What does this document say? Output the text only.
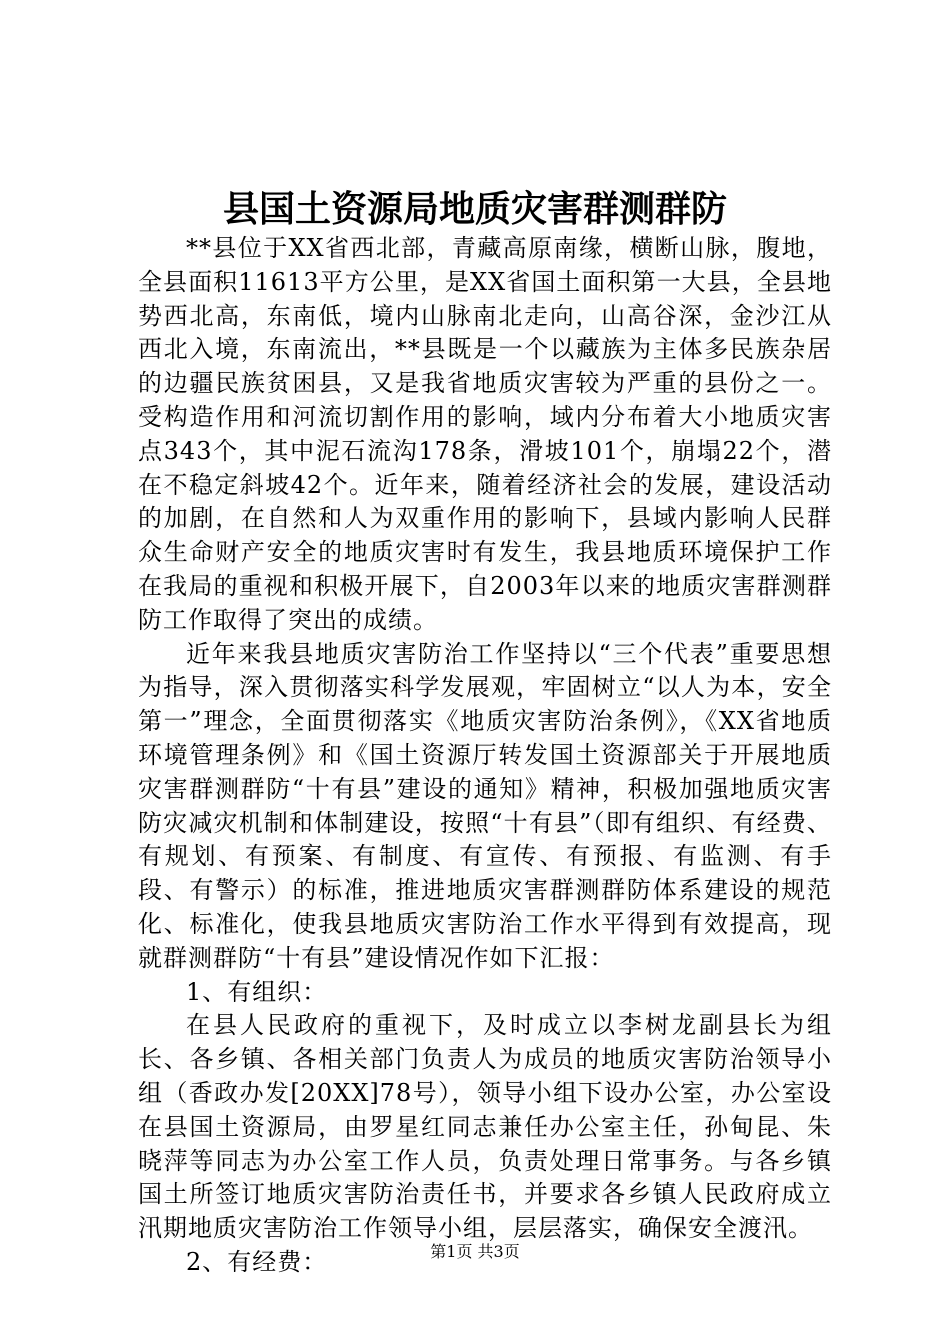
县国土资源局地质灾害群测群防

**县位于XX省西北部，青藏高原南缘，横断山脉，腹地，全县面积11613平方公里，是XX省国土面积第一大县，全县地势西北高，东南低，境内山脉南北走向，山高谷深，金沙江从西北入境，东南流出，**县既是一个以藏族为主体多民族杂居的边疆民族贫困县，又是我省地质灾害较为严重的县份之一。受构造作用和河流切割作用的影响，域内分布着大小地质灾害点343个，其中泥石流沟178条，滑坡101个，崩塌22个，潜在不稳定斜坡42个。近年来，随着经济社会的发展，建设活动的加剧，在自然和人为双重作用的影响下，县域内影响人民群众生命财产安全的地质灾害时有发生，我县地质环境保护工作在我局的重视和积极开展下，自2003年以来的地质灾害群测群防工作取得了突出的成绩。

近年来我县地质灾害防治工作坚持以“三个代表”重要思想为指导，深入贯彻落实科学发展观，牢固树立“以人为本，安全第一”理念，全面贯彻落实《地质灾害防治条例》，《XX省地质环境管理条例》和《国土资源厅转发国土资源部关于开展地质灾害群测群防“十有县”建设的通知》精神，积极加强地质灾害防灾减灾机制和体制建设，按照“十有县”（即有组织、有经费、有规划、有预案、有制度、有宣传、有预报、有监测、有手段、有警示）的标准，推进地质灾害群测群防体系建设的规范化、标准化，使我县地质灾害防治工作水平得到有效提高，现就群测群防“十有县”建设情况作如下汇报：

1、有组织：

在县人民政府的重视下，及时成立以李树龙副县长为组长、各乡镇、各相关部门负责人为成员的地质灾害防治领导小组（香政办发[20XX]78号），领导小组下设办公室，办公室设在县国土资源局，由罗星红同志兼任办公室主任，孙甸昆、朱晓萍等同志为办公室工作人员，负责处理日常事务。与各乡镇国土所签订地质灾害防治责任书，并要求各乡镇人民政府成立汛期地质灾害防治工作领导小组，层层落实，确保安全渡汛。

2、有经费：	第1页 共3页
